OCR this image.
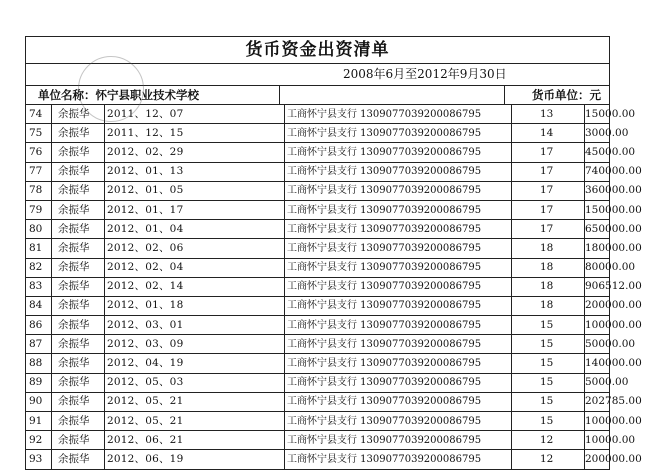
货币资金出资清单
2008年6月至2012年9月30日
单位名称：怀宁县职业技术学校	货币单位：元
74	余振华	2011、12、07	工商怀宁县支行 1309077039200086795	13	15000.00
75	余振华	2011、12、15	工商怀宁县支行 1309077039200086795	14	3000.00
76	余振华	2012、02、29	工商怀宁县支行 1309077039200086795	17	45000.00
77	余振华	2012、01、13	工商怀宁县支行 1309077039200086795	17	740000.00
78	余振华	2012、01、05	工商怀宁县支行 1309077039200086795	17	360000.00
79	余振华	2012、01、17	工商怀宁县支行 1309077039200086795	17	150000.00
80	余振华	2012、01、04	工商怀宁县支行 1309077039200086795	17	650000.00
81	余振华	2012、02、06	工商怀宁县支行 1309077039200086795	18	180000.00
82	余振华	2012、02、04	工商怀宁县支行 1309077039200086795	18	80000.00
83	余振华	2012、02、14	工商怀宁县支行 1309077039200086795	18	906512.00
84	余振华	2012、01、18	工商怀宁县支行 1309077039200086795	18	200000.00
86	余振华	2012、03、01	工商怀宁县支行 1309077039200086795	15	100000.00
87	余振华	2012、03、09	工商怀宁县支行 1309077039200086795	15	50000.00
88	余振华	2012、04、19	工商怀宁县支行 1309077039200086795	15	140000.00
89	余振华	2012、05、03	工商怀宁县支行 1309077039200086795	15	5000.00
90	余振华	2012、05、21	工商怀宁县支行 1309077039200086795	15	202785.00
91	余振华	2012、05、21	工商怀宁县支行 1309077039200086795	15	100000.00
92	余振华	2012、06、21	工商怀宁县支行 1309077039200086795	12	10000.00
93	余振华	2012、06、19	工商怀宁县支行 1309077039200086795	12	200000.00
